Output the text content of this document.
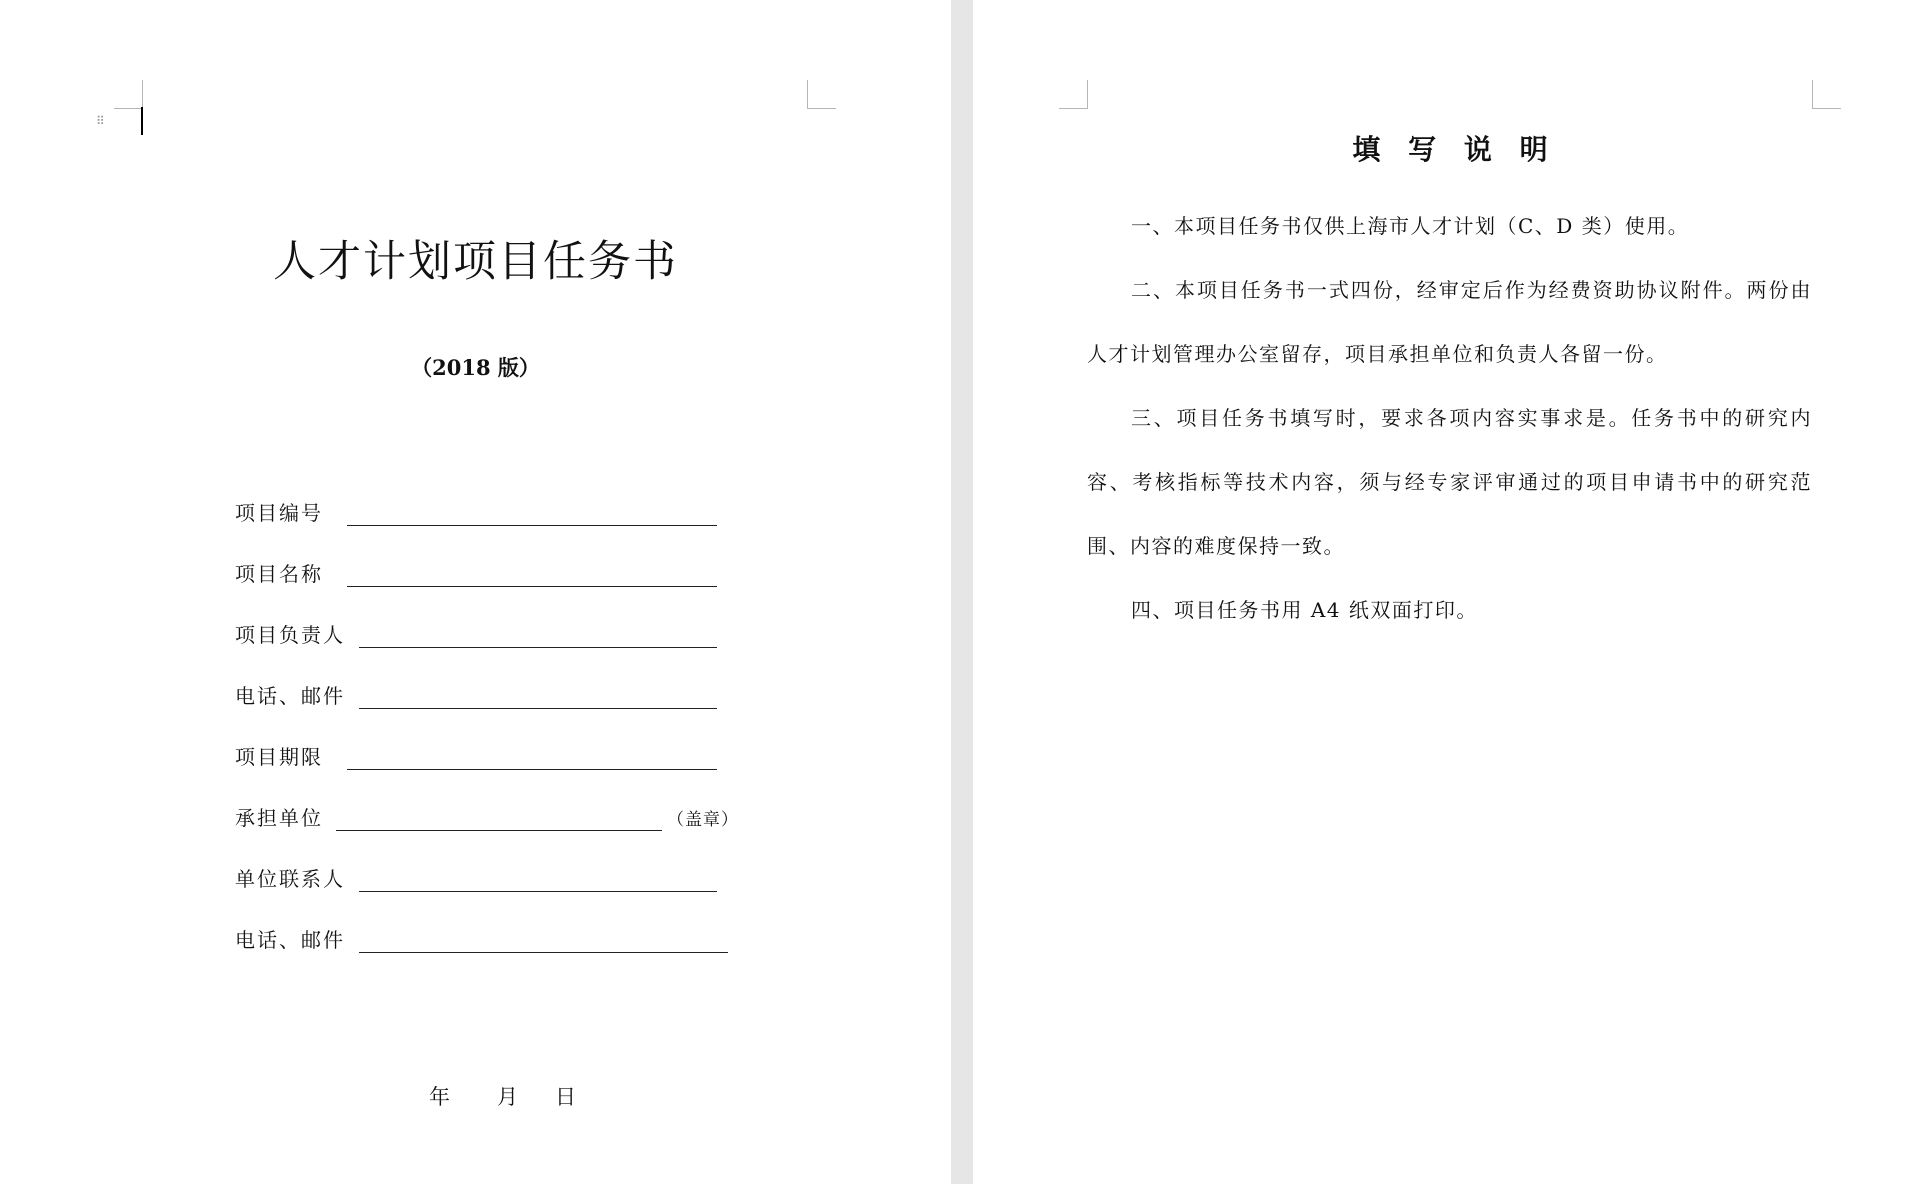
⠿
人才计划项目任务书
（2018 版）
项目编号
项目名称
项目负责人
电话、邮件
项目期限
承担单位	（盖章）
单位联系人
电话、邮件
年 月 日
填 写 说 明

一、本项目任务书仅供上海市人才计划（C、D 类）使用。

二、本项目任务书一式四份，经审定后作为经费资助协议附件。两份由人才计划管理办公室留存，项目承担单位和负责人各留一份。

三、项目任务书填写时，要求各项内容实事求是。任务书中的研究内容、考核指标等技术内容，须与经专家评审通过的项目申请书中的研究范围、内容的难度保持一致。

四、项目任务书用 A4 纸双面打印。
